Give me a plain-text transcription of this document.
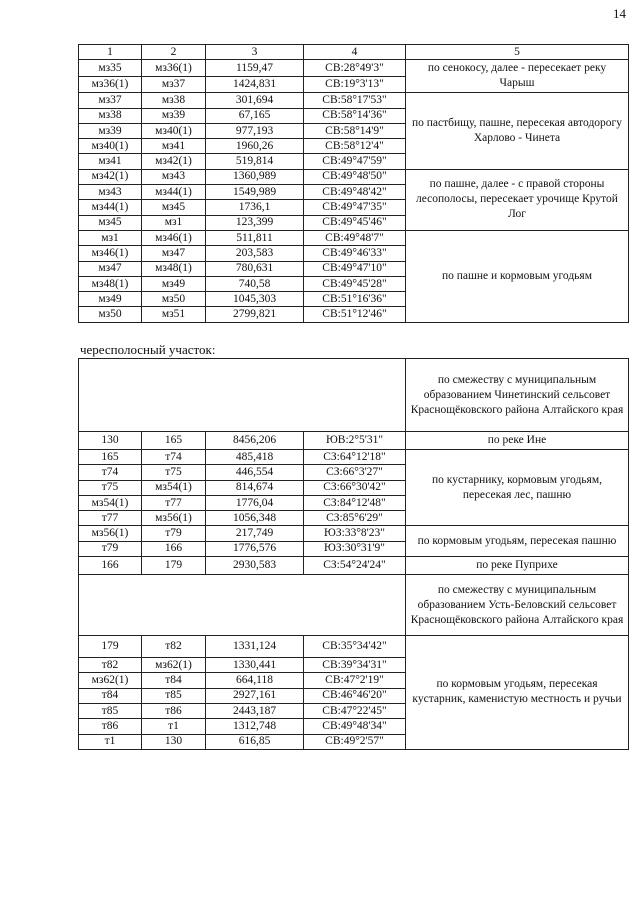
14
1	2	3	4	5
мз35	мз36(1)	1159,47	СВ:28°49'3"	по сенокосу, далее - пересекает реку Чарыш
мз36(1)	мз37	1424,831	СВ:19°3'13"	
мз37	мз38	301,694	СВ:58°17'53"	по пастбищу, пашне, пересекая автодорогу Харлово - Чинета
мз38	мз39	67,165	СВ:58°14'36"	
мз39	мз40(1)	977,193	СВ:58°14'9"	
мз40(1)	мз41	1960,26	СВ:58°12'4"	
мз41	мз42(1)	519,814	СВ:49°47'59"	
мз42(1)	мз43	1360,989	СВ:49°48'50"	по пашне, далее - с правой стороны лесополосы, пересекает урочище Крутой Лог
мз43	мз44(1)	1549,989	СВ:49°48'42"	
мз44(1)	мз45	1736,1	СВ:49°47'35"	
мз45	мз1	123,399	СВ:49°45'46"	
мз1	мз46(1)	511,811	СВ:49°48'7"	по пашне и кормовым угодьям
мз46(1)	мз47	203,583	СВ:49°46'33"	
мз47	мз48(1)	780,631	СВ:49°47'10"	
мз48(1)	мз49	740,58	СВ:49°45'28"	
мз49	мз50	1045,303	СВ:51°16'36"	
мз50	мз51	2799,821	СВ:51°12'46"	
чересполосный участок:
				по смежеству с муниципальным образованием Чинетинский сельсовет Краснощёковского района Алтайского края
130	165	8456,206	ЮВ:2°5'31"	по реке Ине
165	т74	485,418	СЗ:64°12'18"	по кустарнику, кормовым угодьям, пересекая лес, пашню
т74	т75	446,554	СЗ:66°3'27"	
т75	мз54(1)	814,674	СЗ:66°30'42"	
мз54(1)	т77	1776,04	СЗ:84°12'48"	
т77	мз56(1)	1056,348	СЗ:85°6'29"	
мз56(1)	т79	217,749	ЮЗ:33°8'23"	по кормовым угодьям, пересекая пашню
т79	166	1776,576	ЮЗ:30°31'9"	
166	179	2930,583	СЗ:54°24'24"	по реке Пуприхе
				по смежеству с муниципальным образованием Усть-Беловский сельсовет Краснощёковского района Алтайского края
179	т82	1331,124	СВ:35°34'42"	по кормовым угодьям, пересекая кустарник, каменистую местность и ручьи
т82	мз62(1)	1330,441	СВ:39°34'31"	
мз62(1)	т84	664,118	СВ:47°2'19"	
т84	т85	2927,161	СВ:46°46'20"	
т85	т86	2443,187	СВ:47°22'45"	
т86	т1	1312,748	СВ:49°48'34"	
т1	130	616,85	СВ:49°2'57"	
